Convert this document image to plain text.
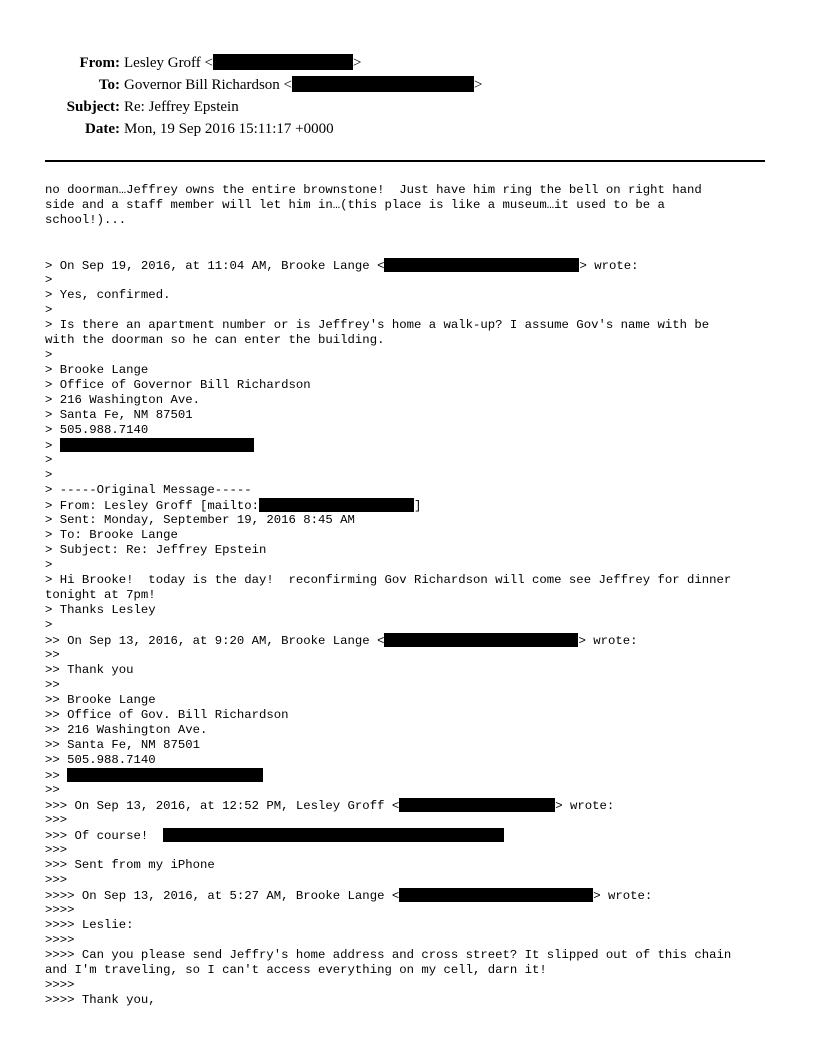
From: Lesley Groff <	>
To: Governor Bill Richardson <	>
Subject: Re: Jeffrey Epstein
Date: Mon, 19 Sep 2016 15:11:17 +0000
no doorman…Jeffrey owns the entire brownstone!  Just have him ring the bell on right hand
side and a staff member will let him in…(this place is like a museum…it used to be a
school!)...
> On Sep 19, 2016, at 11:04 AM, Brooke Lange <	> wrote:
>
> Yes, confirmed.
>
> Is there an apartment number or is Jeffrey's home a walk-up? I assume Gov's name with be
with the doorman so he can enter the building.
>
> Brooke Lange
> Office of Governor Bill Richardson
> 216 Washington Ave.
> Santa Fe, NM 87501
> 505.988.7140
>
>
>
> -----Original Message-----
> From: Lesley Groff [mailto:	]
> Sent: Monday, September 19, 2016 8:45 AM
> To: Brooke Lange
> Subject: Re: Jeffrey Epstein
>
> Hi Brooke!  today is the day!  reconfirming Gov Richardson will come see Jeffrey for dinner
tonight at 7pm!
> Thanks Lesley
>
>> On Sep 13, 2016, at 9:20 AM, Brooke Lange <	> wrote:
>>
>> Thank you
>>
>> Brooke Lange
>> Office of Gov. Bill Richardson
>> 216 Washington Ave.
>> Santa Fe, NM 87501
>> 505.988.7140
>>
>>
>>> On Sep 13, 2016, at 12:52 PM, Lesley Groff <	> wrote:
>>>
>>> Of course!
>>>
>>> Sent from my iPhone
>>>
>>>> On Sep 13, 2016, at 5:27 AM, Brooke Lange <	> wrote:
>>>>
>>>> Leslie:
>>>>
>>>> Can you please send Jeffry's home address and cross street? It slipped out of this chain
and I'm traveling, so I can't access everything on my cell, darn it!
>>>>
>>>> Thank you,
